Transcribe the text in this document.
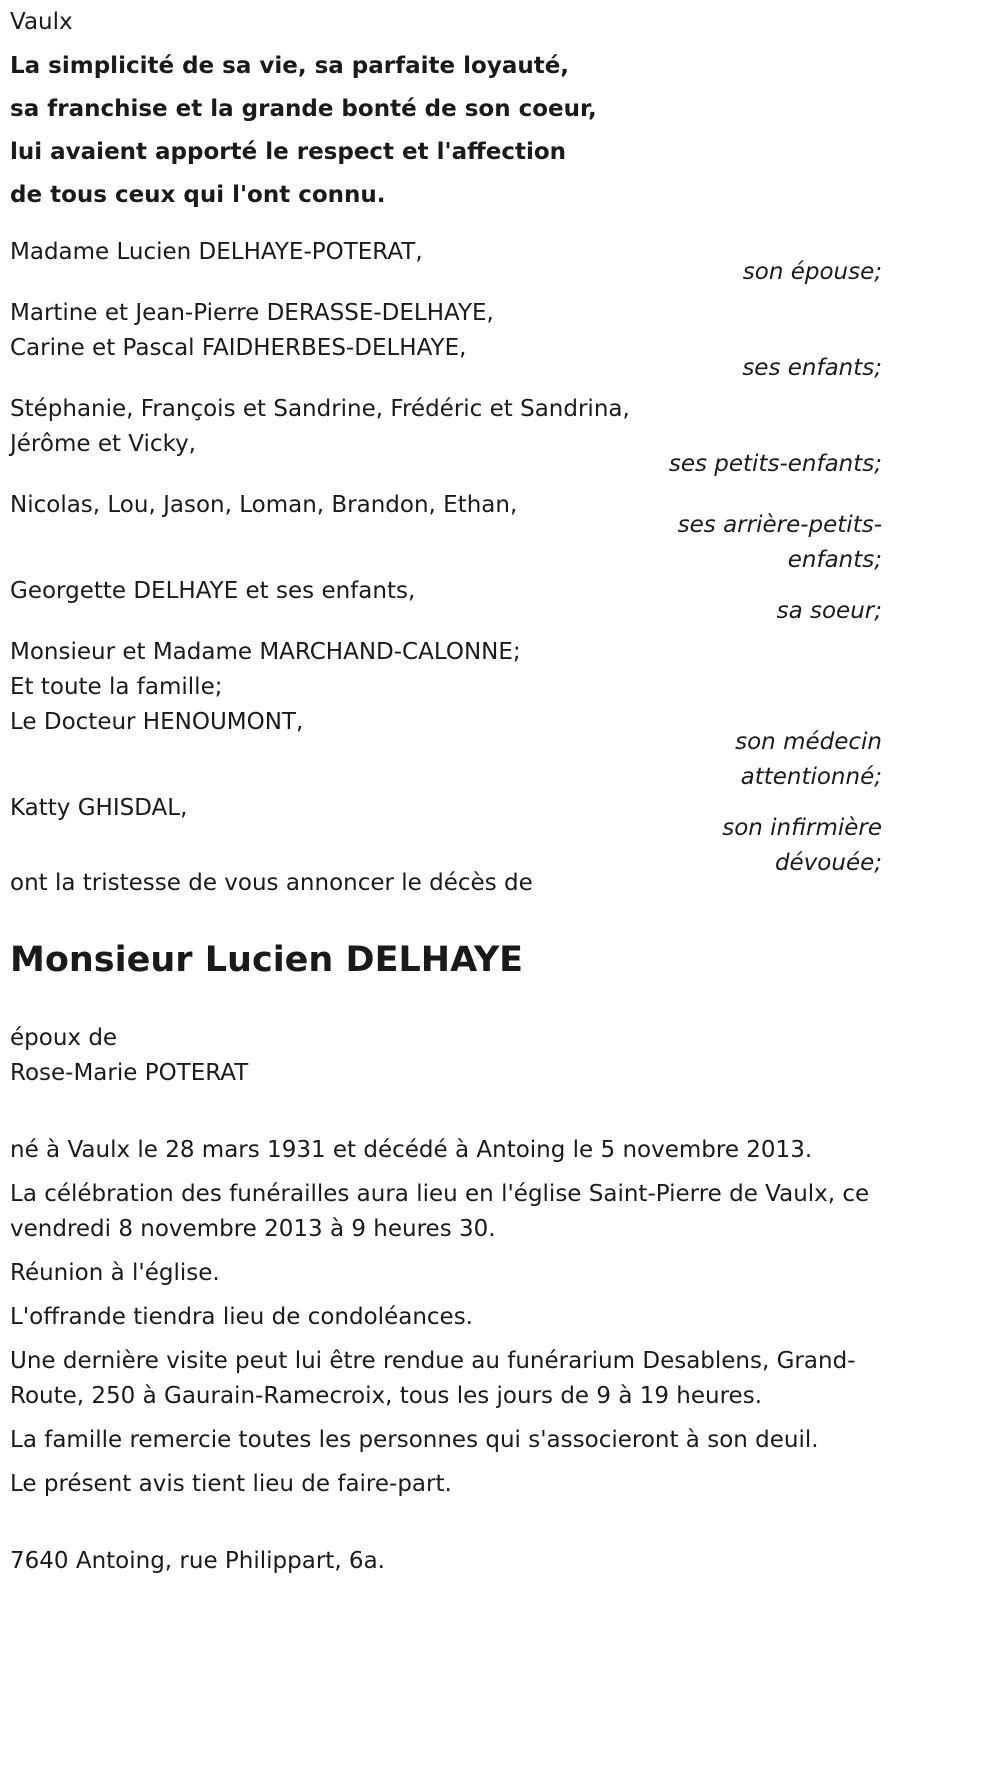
Vaulx

La simplicité de sa vie, sa parfaite loyauté,

sa franchise et la grande bonté de son coeur,

lui avaient apporté le respect et l'affection

de tous ceux qui l'ont connu.

Madame Lucien DELHAYE-POTERAT,
son épouse;
Martine et Jean-Pierre DERASSE-DELHAYE,
Carine et Pascal FAIDHERBES-DELHAYE,
ses enfants;
Stéphanie, François et Sandrine, Frédéric et Sandrina,
Jérôme et Vicky,
ses petits-enfants;
Nicolas, Lou, Jason, Loman, Brandon, Ethan,
ses arrière-petits-
enfants;
Georgette DELHAYE et ses enfants,
sa soeur;
Monsieur et Madame MARCHAND-CALONNE;
Et toute la famille;
Le Docteur HENOUMONT,
son médecin
attentionné;
Katty GHISDAL,
son infirmière
ont la tristesse de vous annoncer le décès de
dévouée;
Monsieur Lucien DELHAYE
époux de
Rose-Marie POTERAT

né à Vaulx le 28 mars 1931 et décédé à Antoing le 5 novembre 2013.

La célébration des funérailles aura lieu en l'église Saint-Pierre de Vaulx, ce vendredi 8 novembre 2013 à 9 heures 30.

Réunion à l'église.

L'offrande tiendra lieu de condoléances.

Une dernière visite peut lui être rendue au funérarium Desablens, Grand-Route, 250 à Gaurain-Ramecroix, tous les jours de 9 à 19 heures.

La famille remercie toutes les personnes qui s'associeront à son deuil.

Le présent avis tient lieu de faire-part.

7640 Antoing, rue Philippart, 6a.
